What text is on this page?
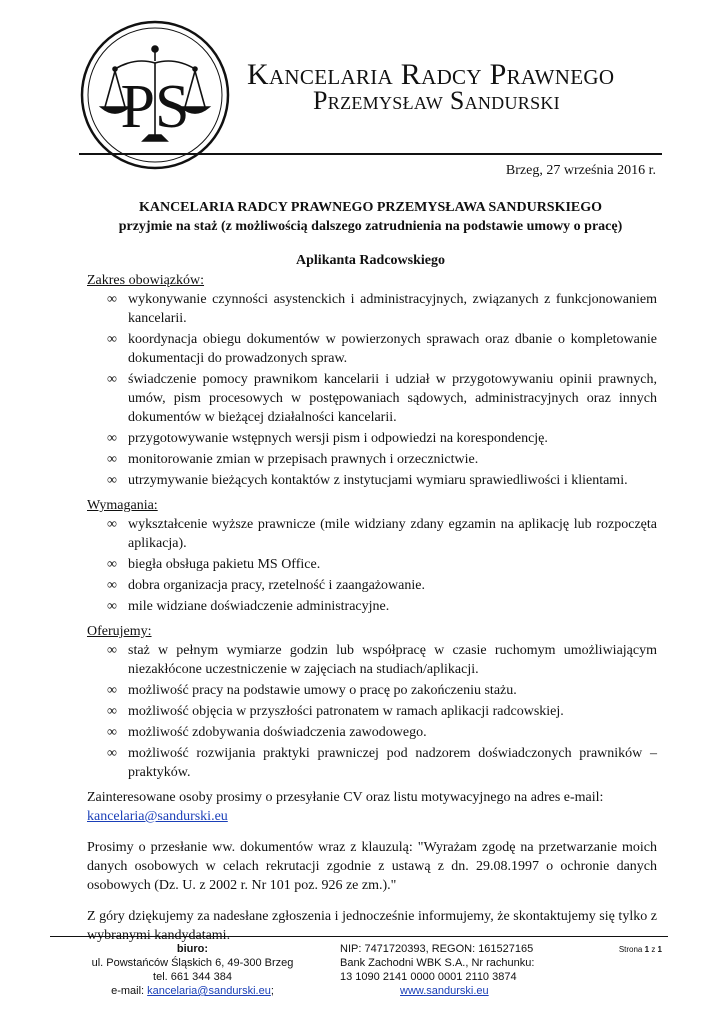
PS Kancelaria Radcy Prawnego
Przemysław Sandurski
Brzeg, 27 września 2016 r.
KANCELARIA RADCY PRAWNEGO PRZEMYSŁAWA SANDURSKIEGO
przyjmie na staż (z możliwością dalszego zatrudnienia na podstawie umowy o pracę)
Aplikanta Radcowskiego

Zakres obowiązków:

∞ wykonywanie czynności asystenckich i administracyjnych, związanych z funkcjonowaniem kancelarii.
∞ koordynacja obiegu dokumentów w powierzonych sprawach oraz dbanie o kompletowanie dokumentacji do prowadzonych spraw.
∞ świadczenie pomocy prawnikom kancelarii i udział w przygotowywaniu opinii prawnych, umów, pism procesowych w postępowaniach sądowych, administracyjnych oraz innych dokumentów w bieżącej działalności kancelarii.
∞ przygotowywanie wstępnych wersji pism i odpowiedzi na korespondencję.
∞ monitorowanie zmian w przepisach prawnych i orzecznictwie.
∞ utrzymywanie bieżących kontaktów z instytucjami wymiaru sprawiedliwości i klientami.

Wymagania:

∞ wykształcenie wyższe prawnicze (mile widziany zdany egzamin na aplikację lub rozpoczęta aplikacja).
∞ biegła obsługa pakietu MS Office.
∞ dobra organizacja pracy, rzetelność i zaangażowanie.
∞ mile widziane doświadczenie administracyjne.

Oferujemy:

∞ staż w pełnym wymiarze godzin lub współpracę w czasie ruchomym umożliwiającym niezakłócone uczestniczenie w zajęciach na studiach/aplikacji.
∞ możliwość pracy na podstawie umowy o pracę po zakończeniu stażu.
∞ możliwość objęcia w przyszłości patronatem w ramach aplikacji radcowskiej.
∞ możliwość zdobywania doświadczenia zawodowego.
∞ możliwość rozwijania praktyki prawniczej pod nadzorem doświadczonych prawników – praktyków.

Zainteresowane osoby prosimy o przesyłanie CV oraz listu motywacyjnego na adres e-mail:
kancelaria@sandurski.eu

Prosimy o przesłanie ww. dokumentów wraz z klauzulą: "Wyrażam zgodę na przetwarzanie moich danych osobowych w celach rekrutacji zgodnie z ustawą z dn. 29.08.1997 o ochronie danych osobowych (Dz. U. z 2002 r. Nr 101 poz. 926 ze zm.)."

Z góry dziękujemy za nadesłane zgłoszenia i jednocześnie informujemy, że skontaktujemy się tylko z wybranymi kandydatami.

biuro:
ul. Powstańców Śląskich 6, 49-300 Brzeg
tel. 661 344 384
e-mail: kancelaria@sandurski.eu;
NIP: 7471720393, REGON: 161527165
Bank Zachodni WBK S.A., Nr rachunku:
13 1090 2141 0000 0001 2110 3874
www.sandurski.eu
Strona 1 z 1
